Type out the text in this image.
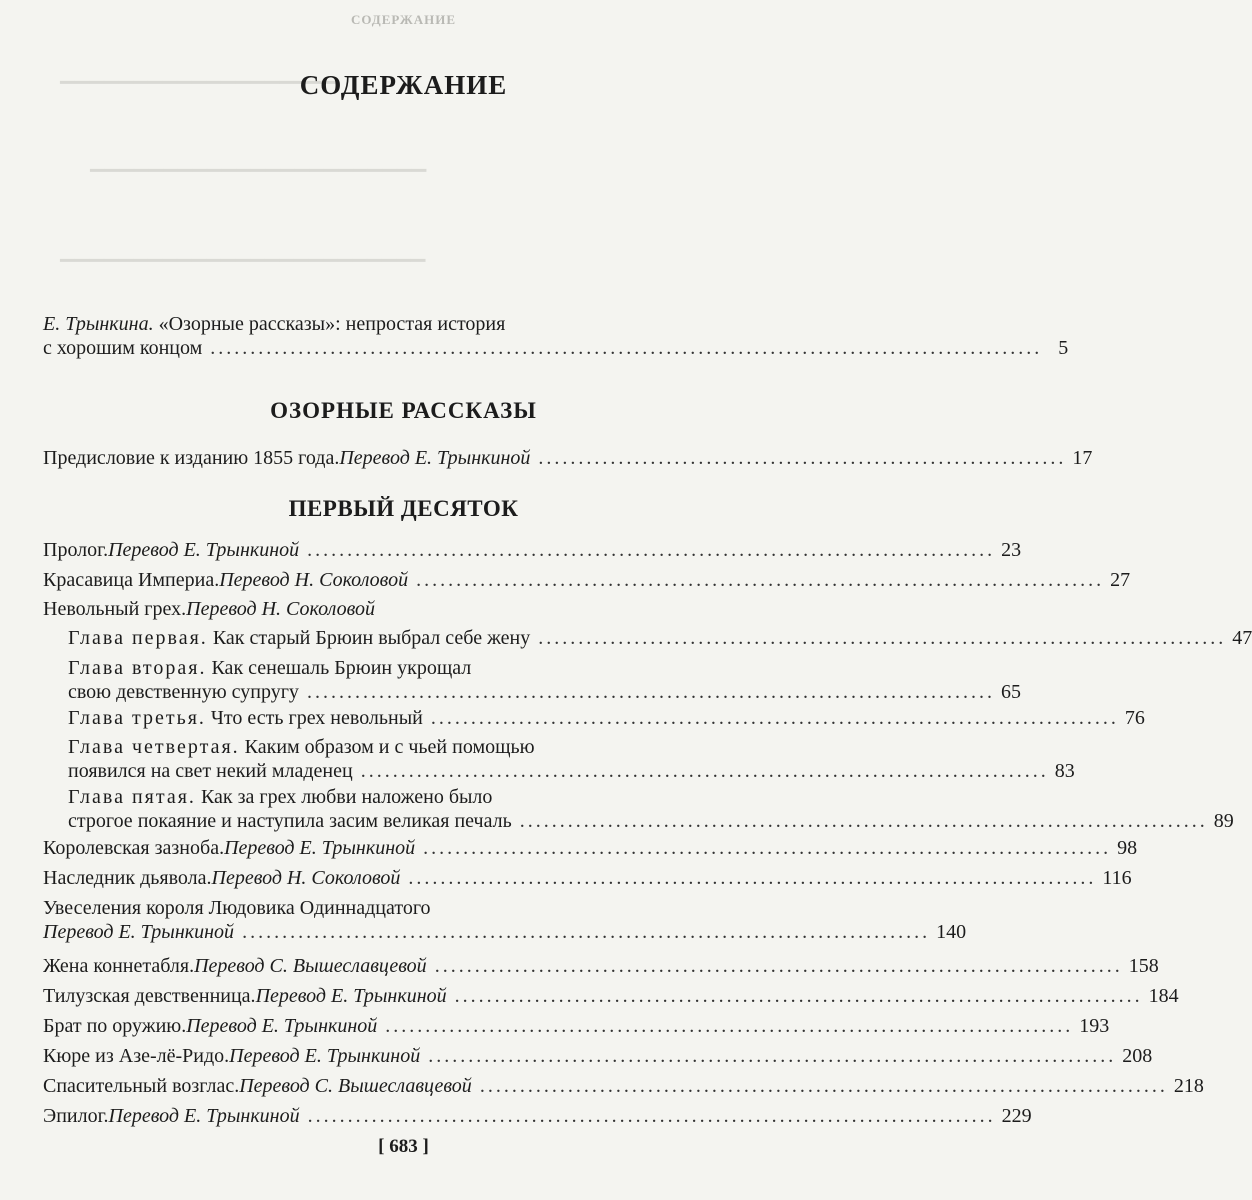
СОДЕРЖАНИЕ
▁▁▁▁▁▁▁▁▁▁▁▁▁▁▁▁▁▁▁
▁▁▁▁▁▁▁▁▁▁▁▁▁▁▁▁▁▁▁▁▁▁▁
▁▁▁▁▁▁▁▁▁▁▁▁▁▁▁▁▁▁▁▁▁▁▁▁▁
СОДЕРЖАНИЕ
Е. Трынкина. «Озорные рассказы»: непростая история
с хорошим концом ........................................................................................................ 5
ОЗОРНЫЕ РАССКАЗЫ
Предисловие к изданию 1855 года. Перевод Е. Трынкиной .................................................................. 17
ПЕРВЫЙ ДЕСЯТОК
Пролог. Перевод Е. Трынкиной ...................................................................................... 23
Красавица Империа. Перевод Н. Соколовой ...................................................................................... 27
Невольный грех. Перевод Н. Соколовой
Глава первая. Как старый Брюин выбрал себе жену ...................................................................................... 47
Глава вторая. Как сенешаль Брюин укрощал
свою девственную супругу ...................................................................................... 65
Глава третья. Что есть грех невольный ...................................................................................... 76
Глава четвертая. Каким образом и с чьей помощью
появился на свет некий младенец ...................................................................................... 83
Глава пятая. Как за грех любви наложено было
строгое покаяние и наступила засим великая печаль ...................................................................................... 89
Королевская зазноба. Перевод Е. Трынкиной ...................................................................................... 98
Наследник дьявола. Перевод Н. Соколовой ...................................................................................... 116
Увеселения короля Людовика Одиннадцатого
Перевод Е. Трынкиной ...................................................................................... 140
Жена коннетабля. Перевод С. Вышеславцевой ...................................................................................... 158
Тилузская девственница. Перевод Е. Трынкиной ...................................................................................... 184
Брат по оружию. Перевод Е. Трынкиной ...................................................................................... 193
Кюре из Азе-лё-Ридо. Перевод Е. Трынкиной ...................................................................................... 208
Спасительный возглас. Перевод С. Вышеславцевой ...................................................................................... 218
Эпилог. Перевод Е. Трынкиной ...................................................................................... 229
[ 683 ]
